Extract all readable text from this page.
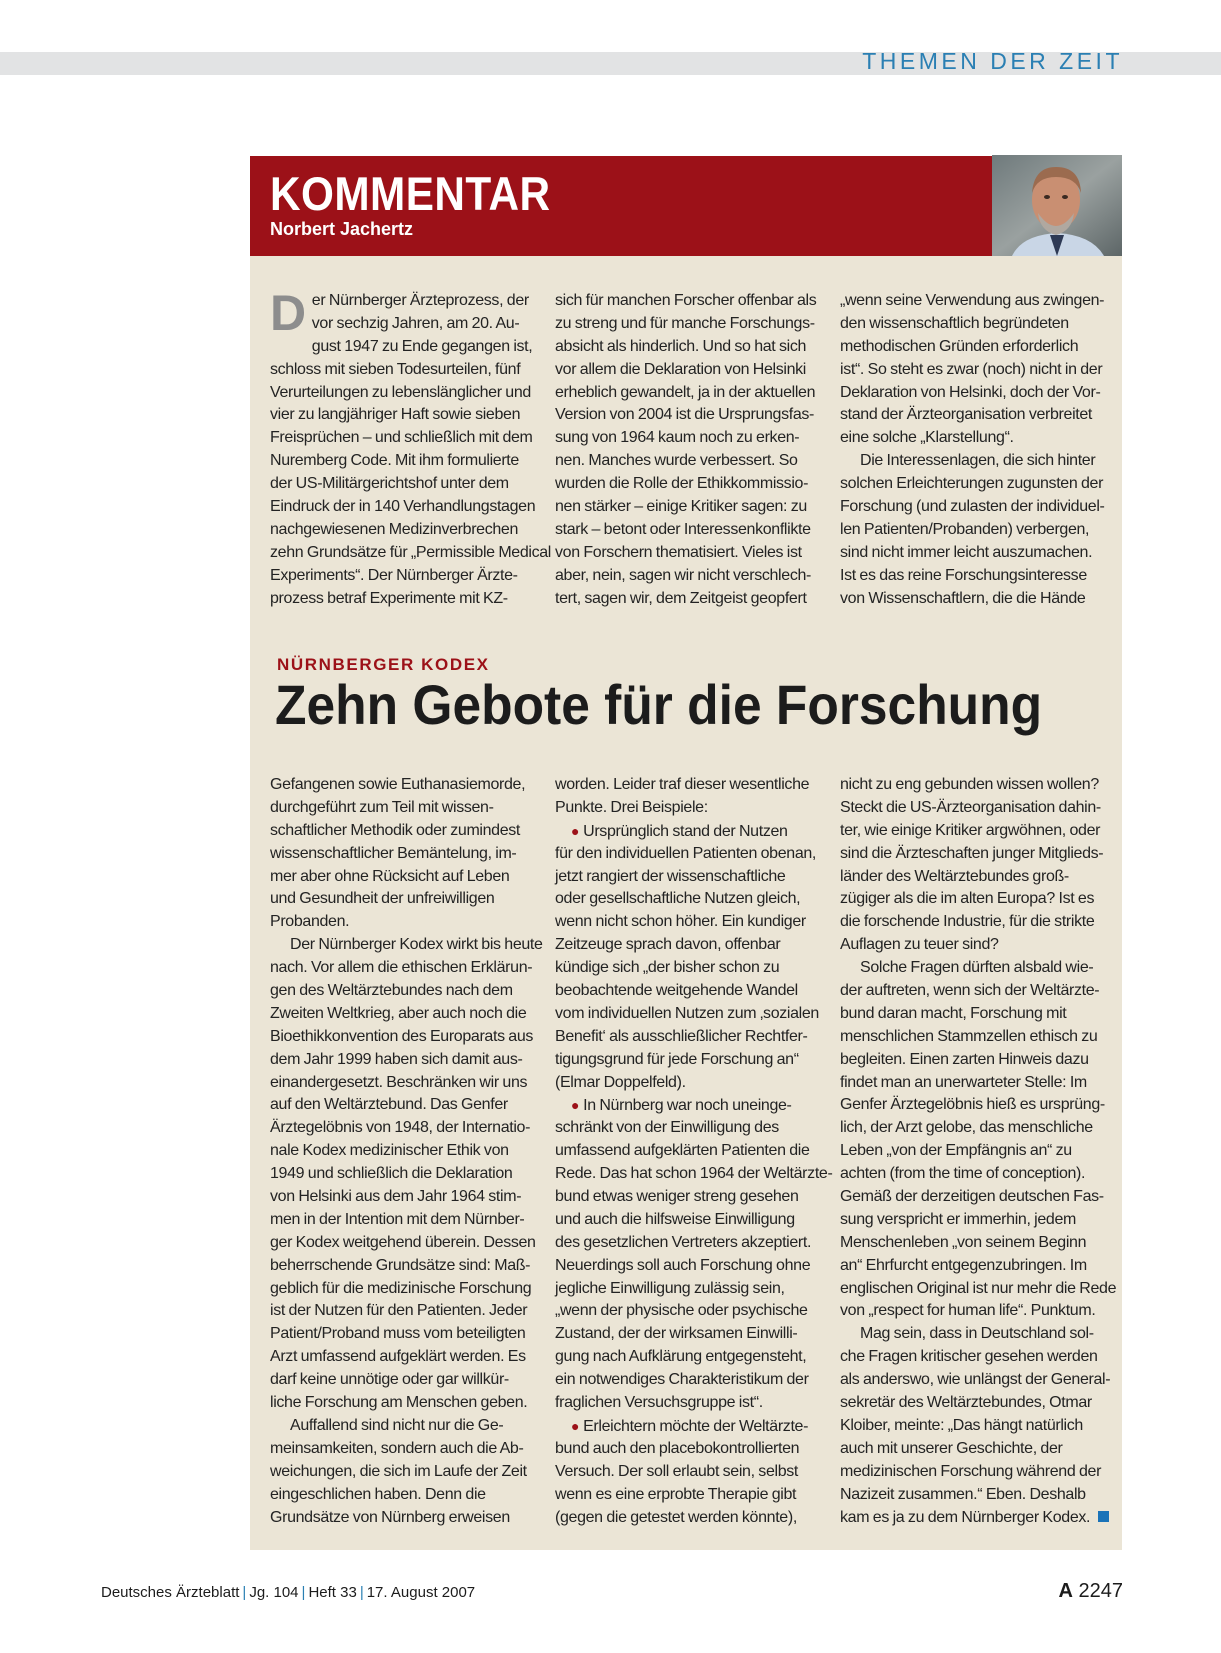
THEMEN DER ZEIT
KOMMENTAR
Norbert Jachertz
D er Nürnberger Ärzteprozess, der
vor sechzig Jahren, am 20. Au-
gust 1947 zu Ende gegangen ist,
schloss mit sieben Todesurteilen, fünf
Verurteilungen zu lebenslänglicher und
vier zu langjähriger Haft sowie sieben
Freisprüchen – und schließlich mit dem
Nuremberg Code. Mit ihm formulierte
der US-Militärgerichtshof unter dem
Eindruck der in 140 Verhandlungstagen
nachgewiesenen Medizinverbrechen
zehn Grundsätze für „Permissible Medical
Experiments“. Der Nürnberger Ärzte-
prozess betraf Experimente mit KZ-
sich für manchen Forscher offenbar als
zu streng und für manche Forschungs-
absicht als hinderlich. Und so hat sich
vor allem die Deklaration von Helsinki
erheblich gewandelt, ja in der aktuellen
Version von 2004 ist die Ursprungsfas-
sung von 1964 kaum noch zu erken-
nen. Manches wurde verbessert. So
wurden die Rolle der Ethikkommissio-
nen stärker – einige Kritiker sagen: zu
stark – betont oder Interessenkonflikte
von Forschern thematisiert. Vieles ist
aber, nein, sagen wir nicht verschlech-
tert, sagen wir, dem Zeitgeist geopfert
„wenn seine Verwendung aus zwingen-
den wissenschaftlich begründeten
methodischen Gründen erforderlich
ist“. So steht es zwar (noch) nicht in der
Deklaration von Helsinki, doch der Vor-
stand der Ärzteorganisation verbreitet
eine solche „Klarstellung“.
Die Interessenlagen, die sich hinter
solchen Erleichterungen zugunsten der
Forschung (und zulasten der individuel-
len Patienten/Probanden) verbergen,
sind nicht immer leicht auszumachen.
Ist es das reine Forschungsinteresse
von Wissenschaftlern, die die Hände
NÜRNBERGER KODEX
Zehn Gebote für die Forschung
Gefangenen sowie Euthanasiemorde,
durchgeführt zum Teil mit wissen-
schaftlicher Methodik oder zumindest
wissenschaftlicher Bemäntelung, im-
mer aber ohne Rücksicht auf Leben
und Gesundheit der unfreiwilligen
Probanden.
Der Nürnberger Kodex wirkt bis heute
nach. Vor allem die ethischen Erklärun-
gen des Weltärztebundes nach dem
Zweiten Weltkrieg, aber auch noch die
Bioethikkonvention des Europarats aus
dem Jahr 1999 haben sich damit aus-
einandergesetzt. Beschränken wir uns
auf den Weltärztebund. Das Genfer
Ärztegelöbnis von 1948, der Internatio-
nale Kodex medizinischer Ethik von
1949 und schließlich die Deklaration
von Helsinki aus dem Jahr 1964 stim-
men in der Intention mit dem Nürnber-
ger Kodex weitgehend überein. Dessen
beherrschende Grundsätze sind: Maß-
geblich für die medizinische Forschung
ist der Nutzen für den Patienten. Jeder
Patient/Proband muss vom beteiligten
Arzt umfassend aufgeklärt werden. Es
darf keine unnötige oder gar willkür-
liche Forschung am Menschen geben.
Auffallend sind nicht nur die Ge-
meinsamkeiten, sondern auch die Ab-
weichungen, die sich im Laufe der Zeit
eingeschlichen haben. Denn die
Grundsätze von Nürnberg erweisen
worden. Leider traf dieser wesentliche
Punkte. Drei Beispiele:
● Ursprünglich stand der Nutzen
für den individuellen Patienten obenan,
jetzt rangiert der wissenschaftliche
oder gesellschaftliche Nutzen gleich,
wenn nicht schon höher. Ein kundiger
Zeitzeuge sprach davon, offenbar
kündige sich „der bisher schon zu
beobachtende weitgehende Wandel
vom individuellen Nutzen zum ‚sozialen
Benefit‘ als ausschließlicher Rechtfer-
tigungsgrund für jede Forschung an“
(Elmar Doppelfeld).
● In Nürnberg war noch uneinge-
schränkt von der Einwilligung des
umfassend aufgeklärten Patienten die
Rede. Das hat schon 1964 der Weltärzte-
bund etwas weniger streng gesehen
und auch die hilfsweise Einwilligung
des gesetzlichen Vertreters akzeptiert.
Neuerdings soll auch Forschung ohne
jegliche Einwilligung zulässig sein,
„wenn der physische oder psychische
Zustand, der der wirksamen Einwilli-
gung nach Aufklärung entgegensteht,
ein notwendiges Charakteristikum der
fraglichen Versuchsgruppe ist“.
● Erleichtern möchte der Weltärzte-
bund auch den placebokontrollierten
Versuch. Der soll erlaubt sein, selbst
wenn es eine erprobte Therapie gibt
(gegen die getestet werden könnte),
nicht zu eng gebunden wissen wollen?
Steckt die US-Ärzteorganisation dahin-
ter, wie einige Kritiker argwöhnen, oder
sind die Ärzteschaften junger Mitglieds-
länder des Weltärztebundes groß-
zügiger als die im alten Europa? Ist es
die forschende Industrie, für die strikte
Auflagen zu teuer sind?
Solche Fragen dürften alsbald wie-
der auftreten, wenn sich der Weltärzte-
bund daran macht, Forschung mit
menschlichen Stammzellen ethisch zu
begleiten. Einen zarten Hinweis dazu
findet man an unerwarteter Stelle: Im
Genfer Ärztegelöbnis hieß es ursprüng-
lich, der Arzt gelobe, das menschliche
Leben „von der Empfängnis an“ zu
achten (from the time of conception).
Gemäß der derzeitigen deutschen Fas-
sung verspricht er immerhin, jedem
Menschenleben „von seinem Beginn
an“ Ehrfurcht entgegenzubringen. Im
englischen Original ist nur mehr die Rede
von „respect for human life“. Punktum.
Mag sein, dass in Deutschland sol-
che Fragen kritischer gesehen werden
als anderswo, wie unlängst der General-
sekretär des Weltärztebundes, Otmar
Kloiber, meinte: „Das hängt natürlich
auch mit unserer Geschichte, der
medizinischen Forschung während der
Nazizeit zusammen.“ Eben. Deshalb
kam es ja zu dem Nürnberger Kodex.
Deutsches Ärzteblatt | Jg. 104 | Heft 33 | 17. August 2007	A 2247
